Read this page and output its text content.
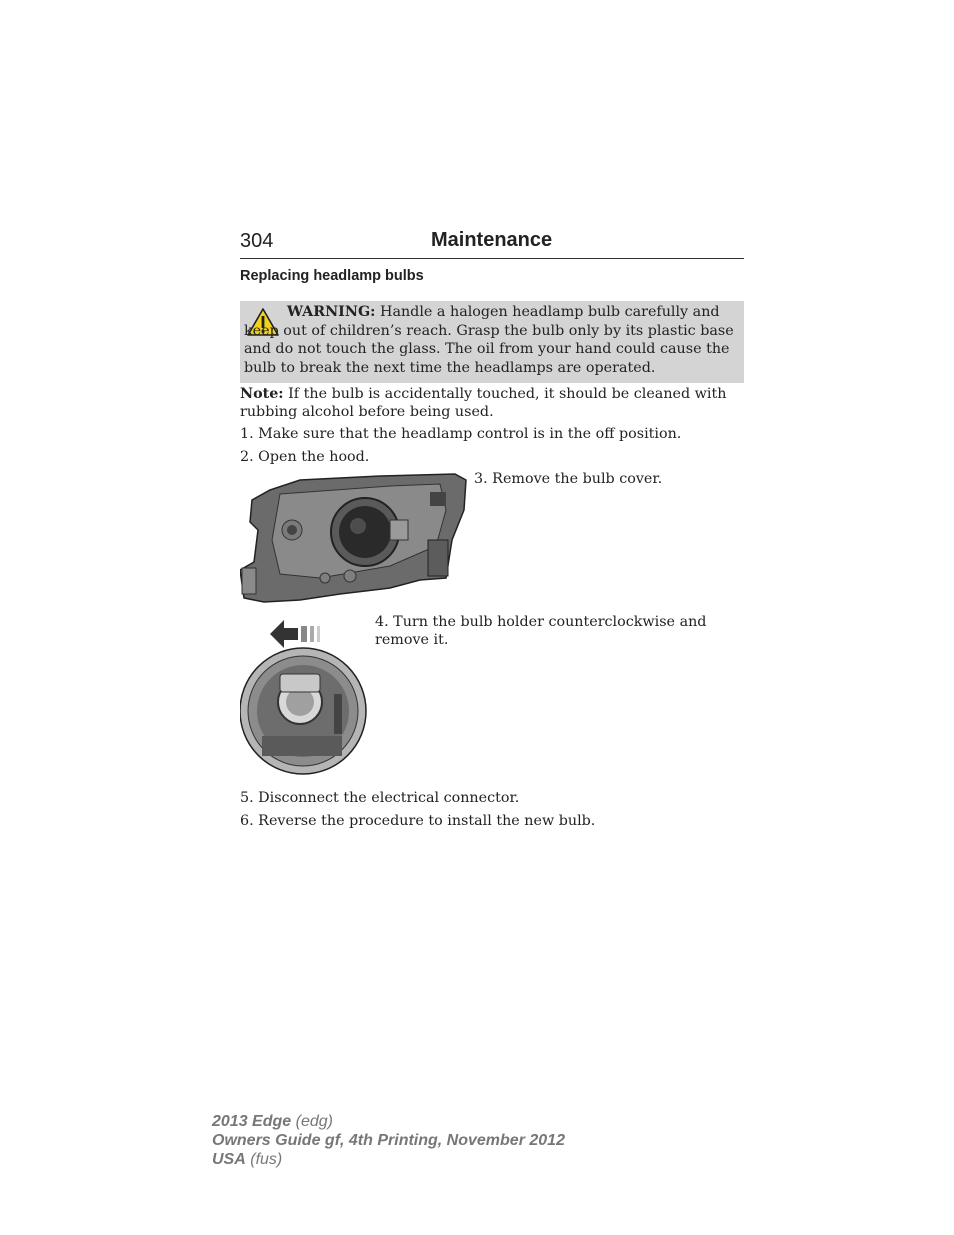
304	Maintenance
Replacing headlamp bulbs
WARNING: Handle a halogen headlamp bulb carefully and keep out of children’s reach. Grasp the bulb only by its plastic base and do not touch the glass. The oil from your hand could cause the bulb to break the next time the headlamps are operated.
Note: If the bulb is accidentally touched, it should be cleaned with rubbing alcohol before being used.
1. Make sure that the headlamp control is in the off position.
2. Open the hood.
3. Remove the bulb cover.
4. Turn the bulb holder counterclockwise and remove it.
5. Disconnect the electrical connector.
6. Reverse the procedure to install the new bulb.
2013 Edge (edg)
Owners Guide gf, 4th Printing, November 2012
USA (fus)
